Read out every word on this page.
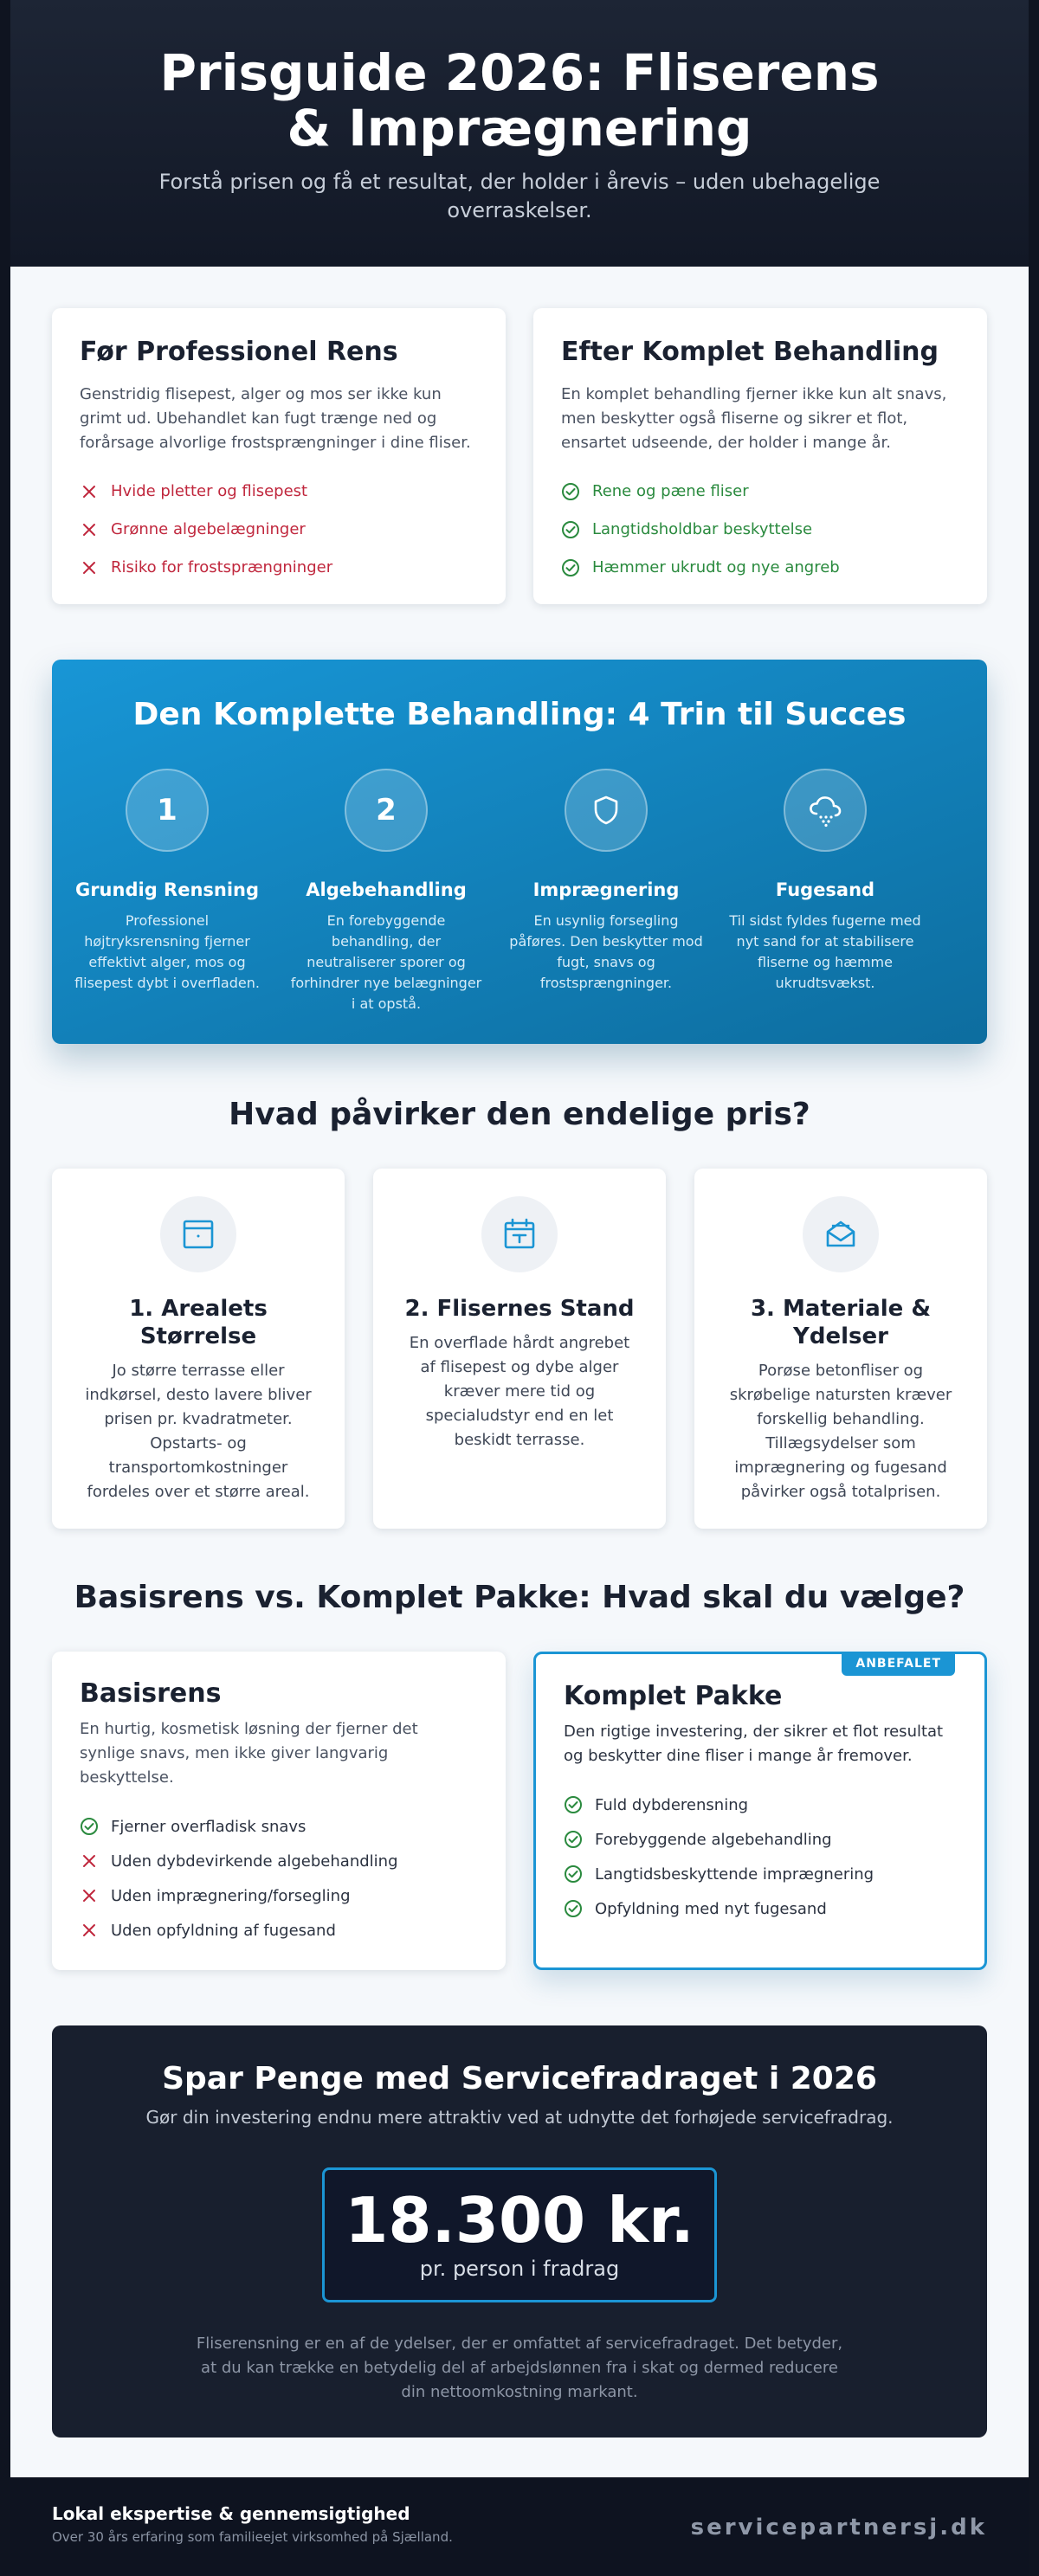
Prisguide 2026: Fliserens & Imprægnering

Forstå prisen og få et resultat, der holder i årevis – uden ubehagelige overraskelser.

Før Professionel Rens

Genstridig flisepest, alger og mos ser ikke kun grimt ud. Ubehandlet kan fugt trænge ned og forårsage alvorlige frostsprængninger i dine fliser.

Hvide pletter og flisepest
Grønne algebelægninger
Risiko for frostsprængninger
Efter Komplet Behandling

En komplet behandling fjerner ikke kun alt snavs, men beskytter også fliserne og sikrer et flot, ensartet udseende, der holder i mange år.

Rene og pæne fliser
Langtidsholdbar beskyttelse
Hæmmer ukrudt og nye angreb
Den Komplette Behandling: 4 Trin til Succes
1
Grundig Rensning

Professionel højtryksrensning fjerner effektivt alger, mos og flisepest dybt i overfladen.

2
Algebehandling

En forebyggende behandling, der neutraliserer sporer og forhindrer nye belægninger i at opstå.

Imprægnering

En usynlig forsegling påføres. Den beskytter mod fugt, snavs og frostsprængninger.

Fugesand

Til sidst fyldes fugerne med nyt sand for at stabilisere fliserne og hæmme ukrudtsvækst.

Hvad påvirker den endelige pris?
1. Arealets Størrelse

Jo større terrasse eller indkørsel, desto lavere bliver prisen pr. kvadratmeter. Opstarts- og transportomkostninger fordeles over et større areal.

2. Flisernes Stand

En overflade hårdt angrebet af flisepest og dybe alger kræver mere tid og specialudstyr end en let beskidt terrasse.

3. Materiale & Ydelser

Porøse betonfliser og skrøbelige natursten kræver forskellig behandling. Tillægsydelser som imprægnering og fugesand påvirker også totalprisen.

Basisrens vs. Komplet Pakke: Hvad skal du vælge?
Basisrens

En hurtig, kosmetisk løsning der fjerner det synlige snavs, men ikke giver langvarig beskyttelse.

Fjerner overfladisk snavs
Uden dybdevirkende algebehandling
Uden imprægnering/forsegling
Uden opfyldning af fugesand
ANBEFALET
Komplet Pakke

Den rigtige investering, der sikrer et flot resultat og beskytter dine fliser i mange år fremover.

Fuld dybderensning
Forebyggende algebehandling
Langtidsbeskyttende imprægnering
Opfyldning med nyt fugesand
Spar Penge med Servicefradraget i 2026

Gør din investering endnu mere attraktiv ved at udnytte det forhøjede servicefradrag.

18.300 kr.
pr. person i fradrag

Fliserensning er en af de ydelser, der er omfattet af servicefradraget. Det betyder, at du kan trække en betydelig del af arbejdslønnen fra i skat og dermed reducere din nettoomkostning markant.

Lokal ekspertise & gennemsigtighed
Over 30 års erfaring som familieejet virksomhed på Sjælland.	servicepartnersj.dk
